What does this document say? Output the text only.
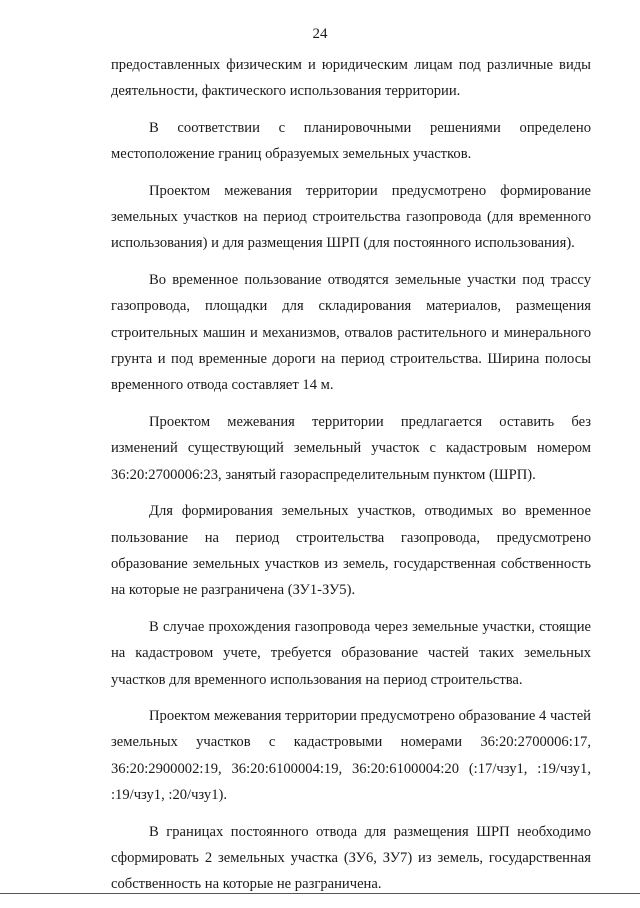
24

предоставленных физическим и юридическим лицам под различные виды деятельности, фактического использования территории.

В соответствии с планировочными решениями определено местоположение границ образуемых земельных участков.

Проектом межевания территории предусмотрено формирование земельных участков на период строительства газопровода (для временного использования) и для размещения ШРП (для постоянного использования).

Во временное пользование отводятся земельные участки под трассу газопровода, площадки для складирования материалов, размещения строительных машин и механизмов, отвалов растительного и минерального грунта и под временные дороги на период строительства. Ширина полосы временного отвода составляет 14 м.

Проектом межевания территории предлагается оставить без изменений существующий земельный участок с кадастровым номером 36:20:2700006:23, занятый газораспределительным пунктом (ШРП).

Для формирования земельных участков, отводимых во временное пользование на период строительства газопровода, предусмотрено образование земельных участков из земель, государственная собственность на которые не разграничена (ЗУ1-ЗУ5).

В случае прохождения газопровода через земельные участки, стоящие на кадастровом учете, требуется образование частей таких земельных участков для временного использования на период строительства.

Проектом межевания территории предусмотрено образование 4 частей земельных участков с кадастровыми номерами 36:20:2700006:17, 36:20:2900002:19, 36:20:6100004:19, 36:20:6100004:20 (:17/чзу1, :19/чзу1, :19/чзу1, :20/чзу1).

В границах постоянного отвода для размещения ШРП необходимо сформировать 2 земельных участка (ЗУ6, ЗУ7) из земель, государственная собственность на которые не разграничена.
